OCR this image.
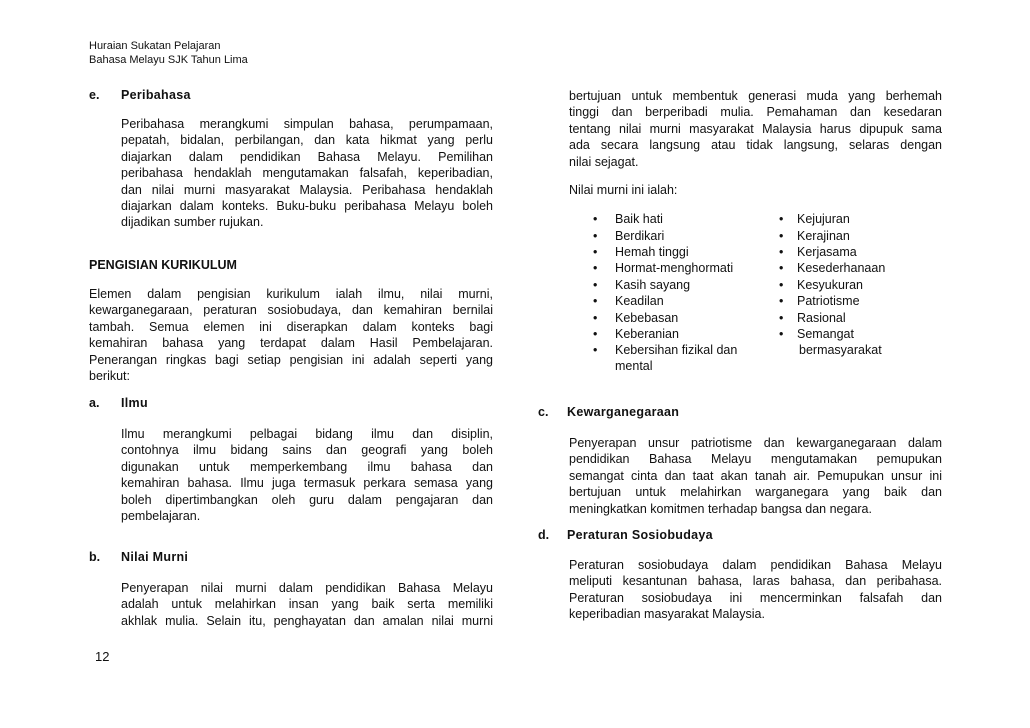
Huraian Sukatan Pelajaran
Bahasa Melayu SJK Tahun Lima
e. Peribahasa
Peribahasa merangkumi simpulan bahasa, perumpamaan,
pepatah, bidalan, perbilangan, dan kata hikmat yang perlu
diajarkan dalam pendidikan Bahasa Melayu. Pemilihan
peribahasa hendaklah mengutamakan falsafah, keperibadian,
dan nilai murni masyarakat Malaysia. Peribahasa hendaklah
diajarkan dalam konteks. Buku-buku peribahasa Melayu boleh
dijadikan sumber rujukan.
PENGISIAN KURIKULUM
Elemen dalam pengisian kurikulum ialah ilmu, nilai murni,
kewarganegaraan, peraturan sosiobudaya, dan kemahiran bernilai
tambah. Semua elemen ini diserapkan dalam konteks bagi
kemahiran bahasa yang terdapat dalam Hasil Pembelajaran.
Penerangan ringkas bagi setiap pengisian ini adalah seperti yang
berikut:
a. Ilmu
Ilmu merangkumi pelbagai bidang ilmu dan disiplin,
contohnya ilmu bidang sains dan geografi yang boleh
digunakan untuk memperkembang ilmu bahasa dan
kemahiran bahasa. Ilmu juga termasuk perkara semasa yang
boleh dipertimbangkan oleh guru dalam pengajaran dan
pembelajaran.
b. Nilai Murni
Penyerapan nilai murni dalam pendidikan Bahasa Melayu
adalah untuk melahirkan insan yang baik serta memiliki
akhlak mulia. Selain itu, penghayatan dan amalan nilai murni
bertujuan untuk membentuk generasi muda yang berhemah
tinggi dan berperibadi mulia. Pemahaman dan kesedaran
tentang nilai murni masyarakat Malaysia harus dipupuk sama
ada secara langsung atau tidak langsung, selaras dengan
nilai sejagat.
Nilai murni ini ialah:
• Baik hati
• Berdikari
• Hemah tinggi
• Hormat-menghormati
• Kasih sayang
• Keadilan
• Kebebasan
• Keberanian
• Kebersihan fizikal dan
mental
• Kejujuran
• Kerajinan
• Kerjasama
• Kesederhanaan
• Kesyukuran
• Patriotisme
• Rasional
• Semangat
bermasyarakat
c. Kewarganegaraan
Penyerapan unsur patriotisme dan kewarganegaraan dalam
pendidikan Bahasa Melayu mengutamakan pemupukan
semangat cinta dan taat akan tanah air. Pemupukan unsur ini
bertujuan untuk melahirkan warganegara yang baik dan
meningkatkan komitmen terhadap bangsa dan negara.
d. Peraturan Sosiobudaya
Peraturan sosiobudaya dalam pendidikan Bahasa Melayu
meliputi kesantunan bahasa, laras bahasa, dan peribahasa.
Peraturan sosiobudaya ini mencerminkan falsafah dan
keperibadian masyarakat Malaysia.
12
